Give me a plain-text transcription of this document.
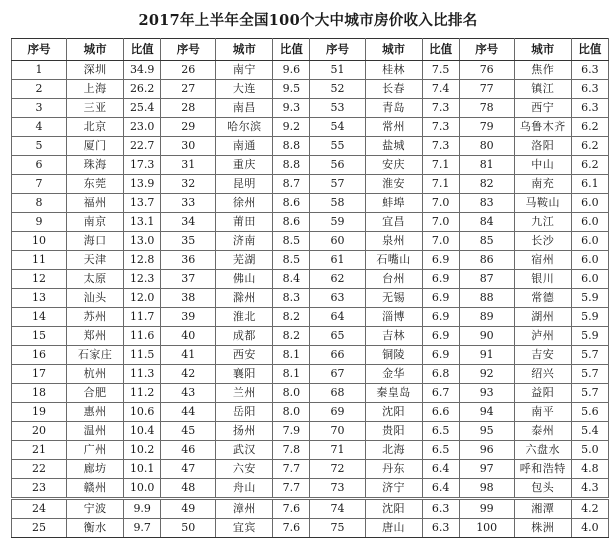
2017年上半年全国100个大中城市房价收入比排名
序号	城市	比值	序号	城市	比值	序号	城市	比值	序号	城市	比值
1	深圳	34.9	26	南宁	9.6	51	桂林	7.5	76	焦作	6.3
2	上海	26.2	27	大连	9.5	52	长春	7.4	77	镇江	6.3
3	三亚	25.4	28	南昌	9.3	53	青岛	7.3	78	西宁	6.3
4	北京	23.0	29	哈尔滨	9.2	54	常州	7.3	79	乌鲁木齐	6.2
5	厦门	22.7	30	南通	8.8	55	盐城	7.3	80	洛阳	6.2
6	珠海	17.3	31	重庆	8.8	56	安庆	7.1	81	中山	6.2
7	东莞	13.9	32	昆明	8.7	57	淮安	7.1	82	南充	6.1
8	福州	13.7	33	徐州	8.6	58	蚌埠	7.0	83	马鞍山	6.0
9	南京	13.1	34	莆田	8.6	59	宜昌	7.0	84	九江	6.0
10	海口	13.0	35	济南	8.5	60	泉州	7.0	85	长沙	6.0
11	天津	12.8	36	芜湖	8.5	61	石嘴山	6.9	86	宿州	6.0
12	太原	12.3	37	佛山	8.4	62	台州	6.9	87	银川	6.0
13	汕头	12.0	38	滁州	8.3	63	无锡	6.9	88	常德	5.9
14	苏州	11.7	39	淮北	8.2	64	淄博	6.9	89	湖州	5.9
15	郑州	11.6	40	成都	8.2	65	吉林	6.9	90	泸州	5.9
16	石家庄	11.5	41	西安	8.1	66	铜陵	6.9	91	吉安	5.7
17	杭州	11.3	42	襄阳	8.1	67	金华	6.8	92	绍兴	5.7
18	合肥	11.2	43	兰州	8.0	68	秦皇岛	6.7	93	益阳	5.7
19	惠州	10.6	44	岳阳	8.0	69	沈阳	6.6	94	南平	5.6
20	温州	10.4	45	扬州	7.9	70	贵阳	6.5	95	泰州	5.4
21	广州	10.2	46	武汉	7.8	71	北海	6.5	96	六盘水	5.0
22	廊坊	10.1	47	六安	7.7	72	丹东	6.4	97	呼和浩特	4.8
23	赣州	10.0	48	舟山	7.7	73	济宁	6.4	98	包头	4.3
24	宁波	9.9	49	漳州	7.6	74	沈阳	6.3	99	湘潭	4.2
25	衡水	9.7	50	宜宾	7.6	75	唐山	6.3	100	株洲	4.0
